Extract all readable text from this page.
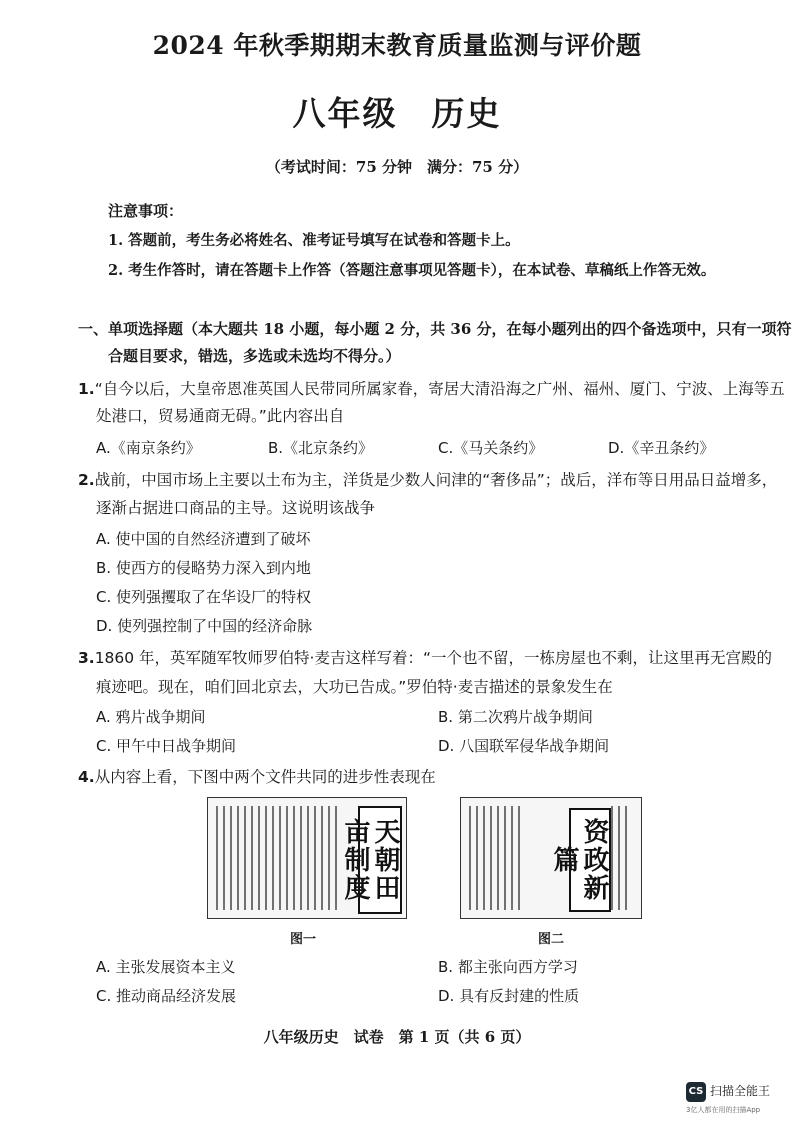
2024 年秋季期期末教育质量监测与评价题
八年级 历史
（考试时间：75 分钟　满分：75 分）
注意事项：
1. 答题前，考生务必将姓名、准考证号填写在试卷和答题卡上。
2. 考生作答时，请在答题卡上作答（答题注意事项见答题卡），在本试卷、草稿纸上作答无效。
一、单项选择题（本大题共 18 小题，每小题 2 分，共 36 分，在每小题列出的四个备选项中，只有一项符
合题目要求，错选，多选或未选均不得分。）
1.“自今以后，大皇帝恩准英国人民带同所属家眷，寄居大清沿海之广州、福州、厦门、宁波、上海等五
处港口，贸易通商无碍。”此内容出自
A.《南京条约》	B.《北京条约》	C.《马关条约》	D.《辛丑条约》
2.战前，中国市场上主要以土布为主，洋货是少数人问津的“奢侈品”；战后，洋布等日用品日益增多，
逐渐占据进口商品的主导。这说明该战争
A. 使中国的自然经济遭到了破坏
B. 使西方的侵略势力深入到内地
C. 使列强攫取了在华设厂的特权
D. 使列强控制了中国的经济命脉
3.1860 年，英军随军牧师罗伯特·麦吉这样写着：“一个也不留，一栋房屋也不剩，让这里再无宫殿的
痕迹吧。现在，咱们回北京去，大功已告成。”罗伯特·麦吉描述的景象发生在
A. 鸦片战争期间	B. 第二次鸦片战争期间
C. 甲午中日战争期间	D. 八国联军侵华战争期间
4.从内容上看，下图中两个文件共同的进步性表现在
天朝田亩制度
图一
资政新篇
图二
A. 主张发展资本主义	B. 都主张向西方学习
C. 推动商品经济发展	D. 具有反封建的性质
八年级历史　试卷　第 1 页（共 6 页）
CS 扫描全能王
3亿人都在用的扫描App
